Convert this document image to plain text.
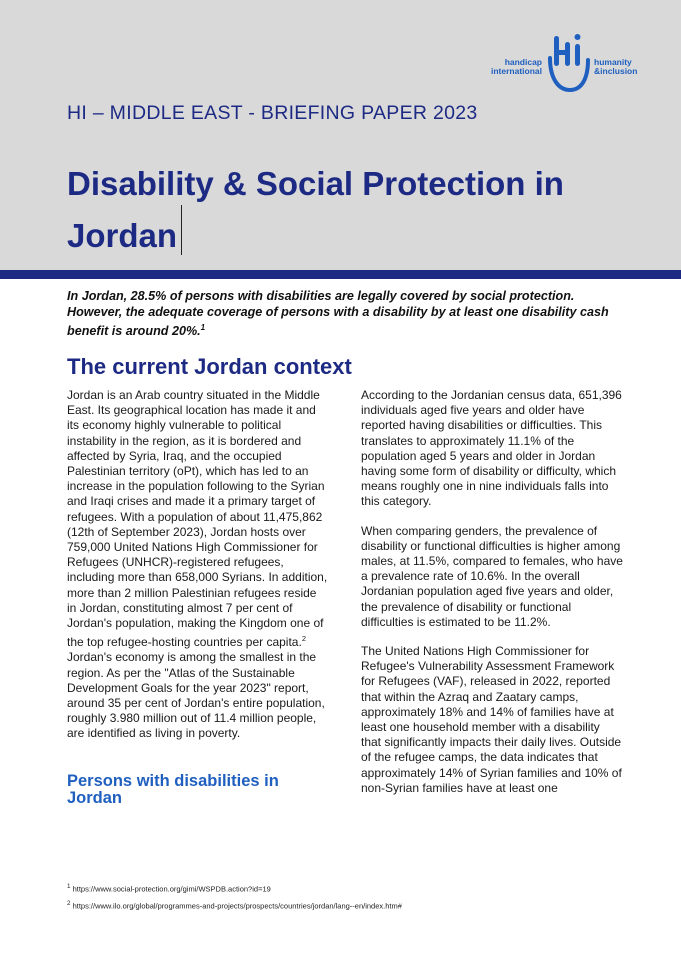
handicap
international
humanity
&inclusion
HI – MIDDLE EAST - BRIEFING PAPER 2023
Disability & Social Protection in Jordan
In Jordan, 28.5% of persons with disabilities are legally covered by social protection. However, the adequate coverage of persons with a disability by at least one disability cash benefit is around 20%.$^1$
The current Jordan context

Jordan is an Arab country situated in the Middle East. Its geographical location has made it and its economy highly vulnerable to political instability in the region, as it is bordered and affected by Syria, Iraq, and the occupied Palestinian territory (oPt), which has led to an increase in the population following to the Syrian and Iraqi crises and made it a primary target of refugees. With a population of about 11,475,862 (12th of September 2023), Jordan hosts over 759,000 United Nations High Commissioner for Refugees (UNHCR)-registered refugees, including more than 658,000 Syrians. In addition, more than 2 million Palestinian refugees reside in Jordan, constituting almost 7 per cent of Jordan's population, making the Kingdom one of the top refugee-hosting countries per capita.$^2$ Jordan's economy is among the smallest in the region. As per the "Atlas of the Sustainable Development Goals for the year 2023" report, around 35 per cent of Jordan's entire population, roughly 3.980 million out of 11.4 million people, are identified as living in poverty.

Persons with disabilities in Jordan

According to the Jordanian census data, 651,396 individuals aged five years and older have reported having disabilities or difficulties. This translates to approximately 11.1% of the population aged 5 years and older in Jordan having some form of disability or difficulty, which means roughly one in nine individuals falls into this category.

When comparing genders, the prevalence of disability or functional difficulties is higher among males, at 11.5%, compared to females, who have a prevalence rate of 10.6%. In the overall Jordanian population aged five years and older, the prevalence of disability or functional difficulties is estimated to be 11.2%.

The United Nations High Commissioner for Refugee's Vulnerability Assessment Framework for Refugees (VAF), released in 2022, reported that within the Azraq and Zaatary camps, approximately 18% and 14% of families have at least one household member with a disability that significantly impacts their daily lives. Outside of the refugee camps, the data indicates that approximately 14% of Syrian families and 10% of non-Syrian families have at least one

$^1$ https://www.social-protection.org/gimi/WSPDB.action?id=19
$^2$ https://www.ilo.org/global/programmes-and-projects/prospects/countries/jordan/lang--en/index.htm#
